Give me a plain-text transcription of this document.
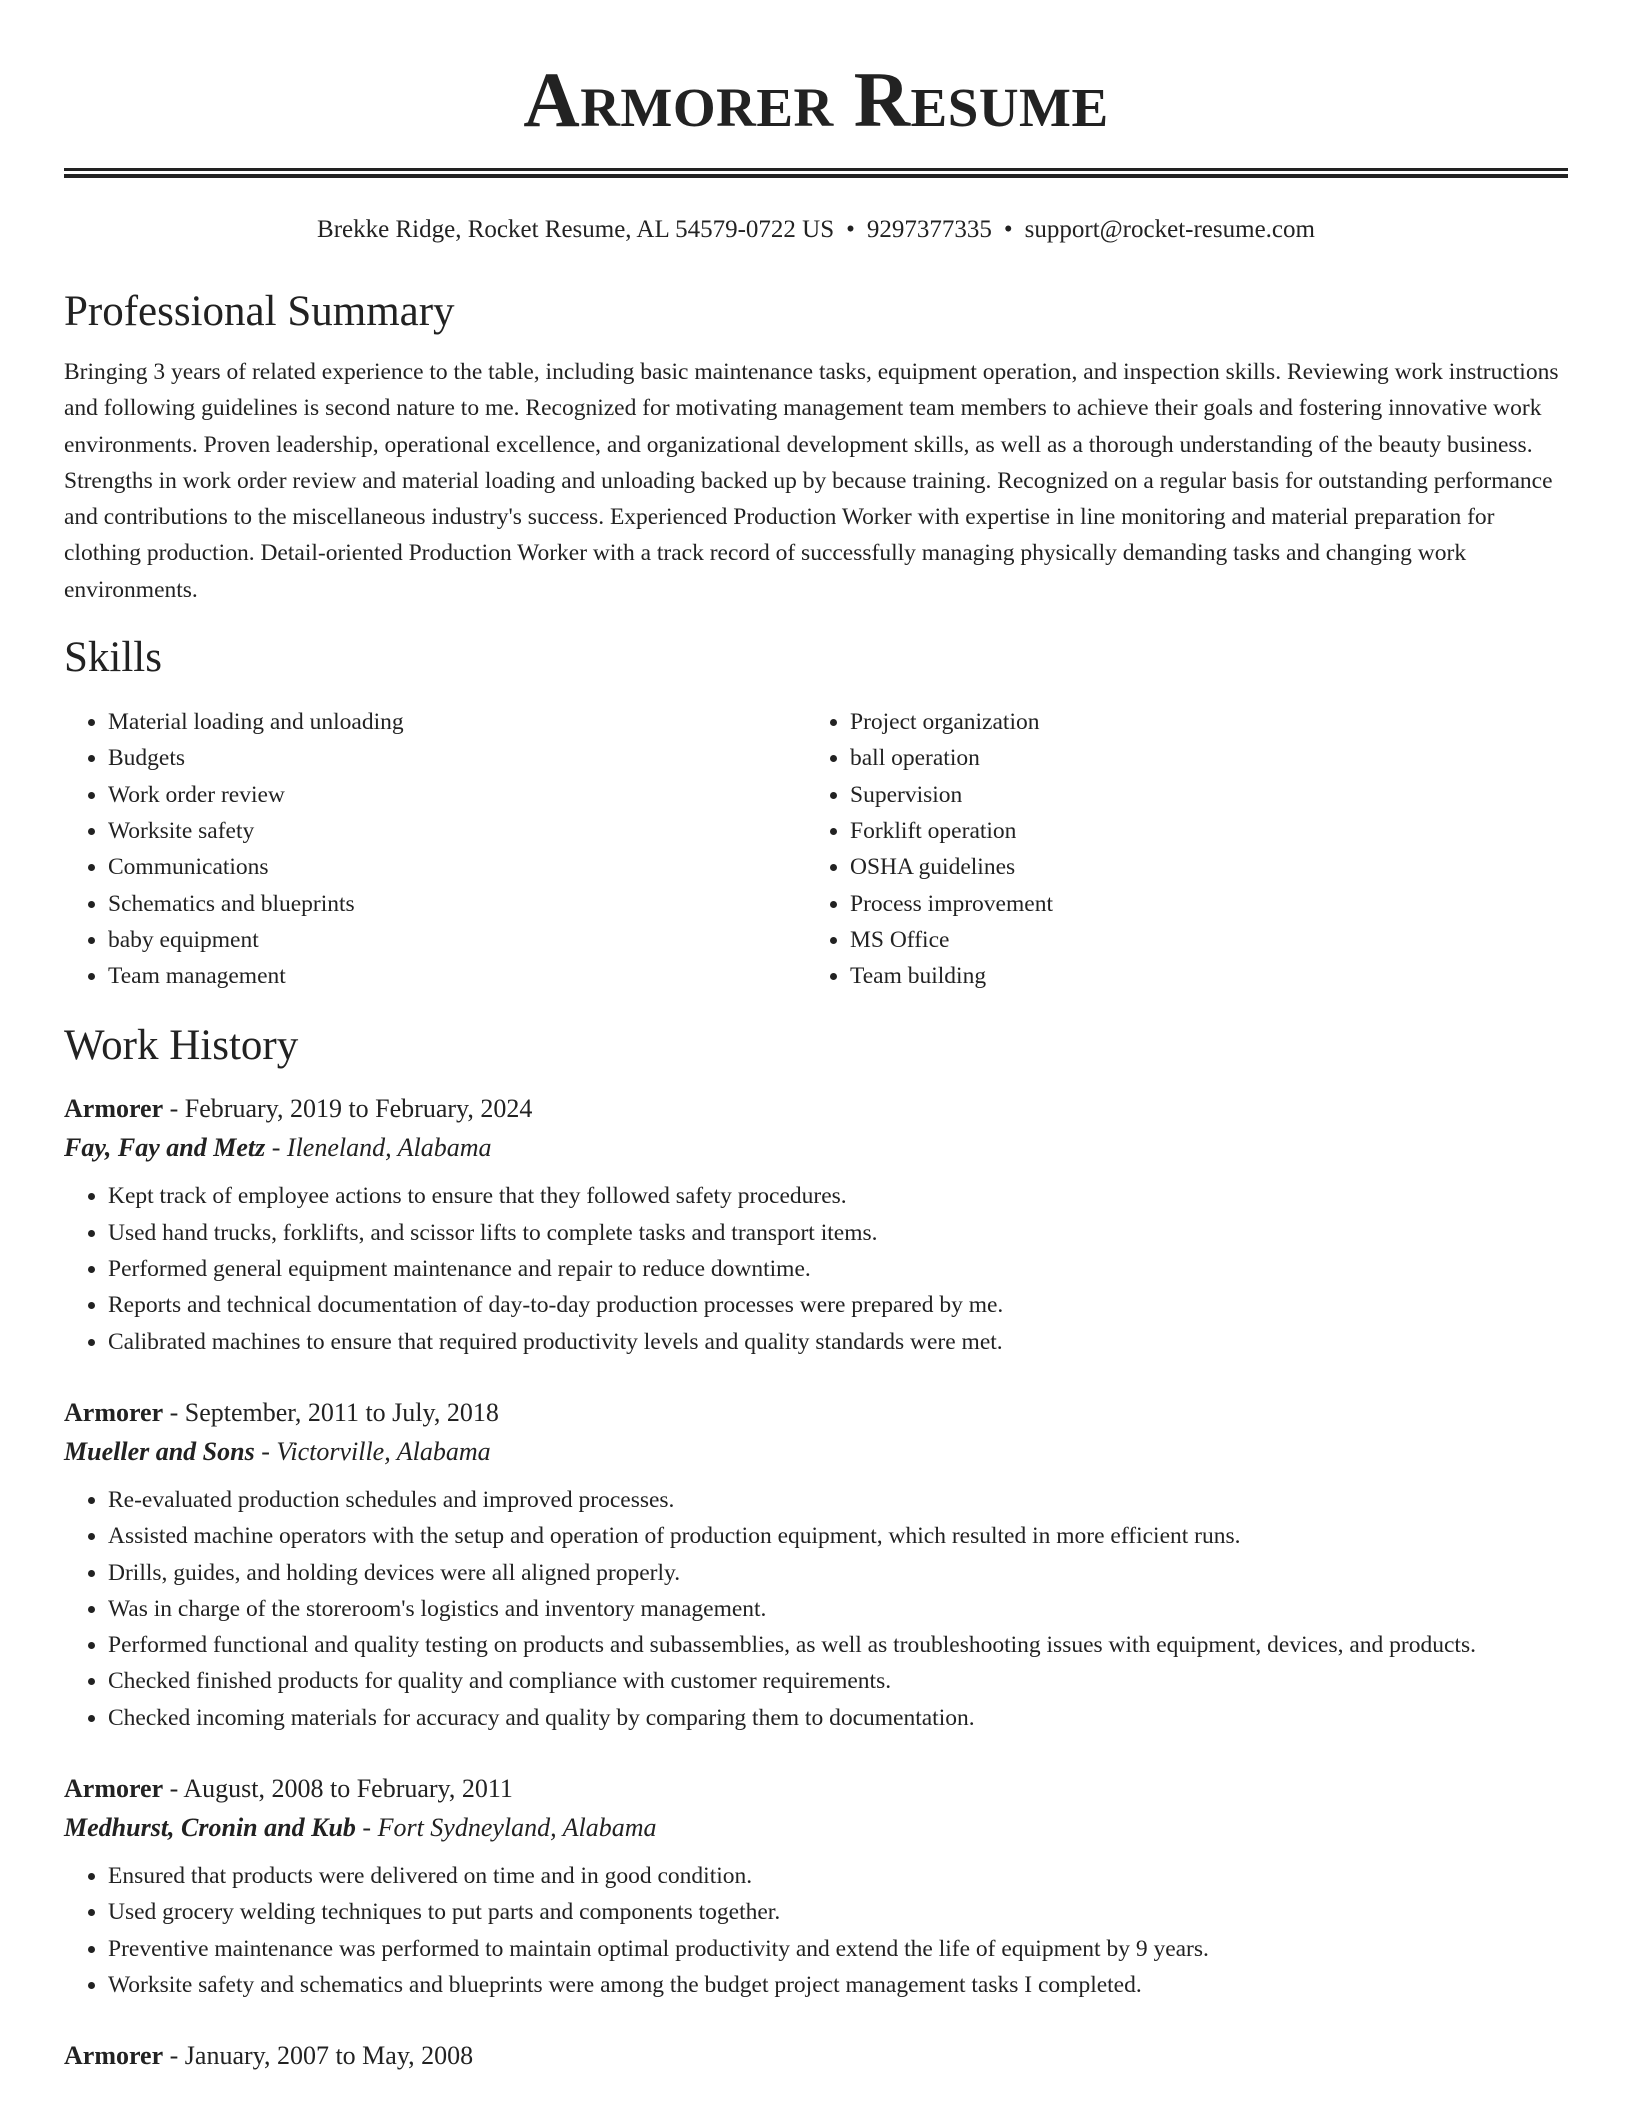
Armorer Resume
Brekke Ridge, Rocket Resume, AL 54579-0722 US • 9297377335 • support@rocket-resume.com
Professional Summary

Bringing 3 years of related experience to the table, including basic maintenance tasks, equipment operation, and inspection skills. Reviewing work instructions and following guidelines is second nature to me. Recognized for motivating management team members to achieve their goals and fostering innovative work environments. Proven leadership, operational excellence, and organizational development skills, as well as a thorough understanding of the beauty business. Strengths in work order review and material loading and unloading backed up by because training. Recognized on a regular basis for outstanding performance and contributions to the miscellaneous industry's success. Experienced Production Worker with expertise in line monitoring and material preparation for clothing production. Detail-oriented Production Worker with a track record of successfully managing physically demanding tasks and changing work environments.

Skills
• Material loading and unloading
• Budgets
• Work order review
• Worksite safety
• Communications
• Schematics and blueprints
• baby equipment
• Team management
• Project organization
• ball operation
• Supervision
• Forklift operation
• OSHA guidelines
• Process improvement
• MS Office
• Team building
Work History
Armorer - February, 2019 to February, 2024
Fay, Fay and Metz - Ileneland, Alabama
• Kept track of employee actions to ensure that they followed safety procedures.
• Used hand trucks, forklifts, and scissor lifts to complete tasks and transport items.
• Performed general equipment maintenance and repair to reduce downtime.
• Reports and technical documentation of day-to-day production processes were prepared by me.
• Calibrated machines to ensure that required productivity levels and quality standards were met.
Armorer - September, 2011 to July, 2018
Mueller and Sons - Victorville, Alabama
• Re-evaluated production schedules and improved processes.
• Assisted machine operators with the setup and operation of production equipment, which resulted in more efficient runs.
• Drills, guides, and holding devices were all aligned properly.
• Was in charge of the storeroom's logistics and inventory management.
• Performed functional and quality testing on products and subassemblies, as well as troubleshooting issues with equipment, devices, and products.
• Checked finished products for quality and compliance with customer requirements.
• Checked incoming materials for accuracy and quality by comparing them to documentation.
Armorer - August, 2008 to February, 2011
Medhurst, Cronin and Kub - Fort Sydneyland, Alabama
• Ensured that products were delivered on time and in good condition.
• Used grocery welding techniques to put parts and components together.
• Preventive maintenance was performed to maintain optimal productivity and extend the life of equipment by 9 years.
• Worksite safety and schematics and blueprints were among the budget project management tasks I completed.
Armorer - January, 2007 to May, 2008
